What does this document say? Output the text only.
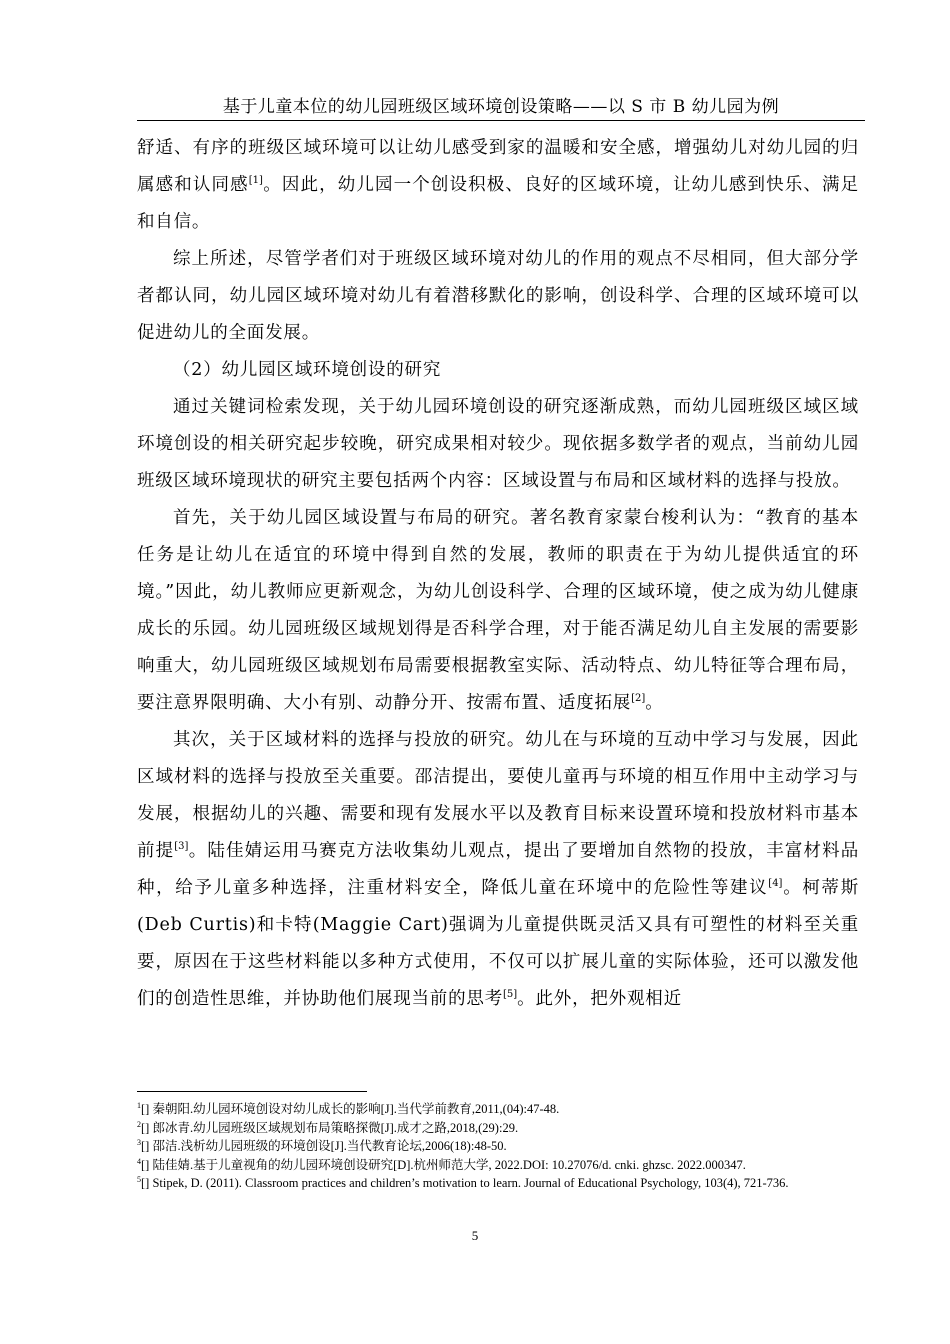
基于儿童本位的幼儿园班级区域环境创设策略——以 S 市 B 幼儿园为例

舒适、有序的班级区域环境可以让幼儿感受到家的温暖和安全感，增强幼儿对幼儿园的归属感和认同感[1]。因此，幼儿园一个创设积极、良好的区域环境，让幼儿感到快乐、满足和自信。

综上所述，尽管学者们对于班级区域环境对幼儿的作用的观点不尽相同，但大部分学者都认同，幼儿园区域环境对幼儿有着潜移默化的影响，创设科学、合理的区域环境可以促进幼儿的全面发展。

（2）幼儿园区域环境创设的研究

通过关键词检索发现，关于幼儿园环境创设的研究逐渐成熟，而幼儿园班级区域区域环境创设的相关研究起步较晚，研究成果相对较少。现依据多数学者的观点，当前幼儿园班级区域环境现状的研究主要包括两个内容：区域设置与布局和区域材料的选择与投放。

首先，关于幼儿园区域设置与布局的研究。著名教育家蒙台梭利认为：“教育的基本任务是让幼儿在适宜的环境中得到自然的发展，教师的职责在于为幼儿提供适宜的环境。”因此，幼儿教师应更新观念，为幼儿创设科学、合理的区域环境，使之成为幼儿健康成长的乐园。幼儿园班级区域规划得是否科学合理，对于能否满足幼儿自主发展的需要影响重大，幼儿园班级区域规划布局需要根据教室实际、活动特点、幼儿特征等合理布局，要注意界限明确、大小有别、动静分开、按需布置、适度拓展[2]。

其次，关于区域材料的选择与投放的研究。幼儿在与环境的互动中学习与发展，因此区域材料的选择与投放至关重要。邵洁提出，要使儿童再与环境的相互作用中主动学习与发展，根据幼儿的兴趣、需要和现有发展水平以及教育目标来设置环境和投放材料市基本前提[3]。陆佳婧运用马赛克方法收集幼儿观点，提出了要增加自然物的投放，丰富材料品种，给予儿童多种选择，注重材料安全，降低儿童在环境中的危险性等建议[4]。柯蒂斯(Deb Curtis)和卡特(Maggie Cart)强调为儿童提供既灵活又具有可塑性的材料至关重要，原因在于这些材料能以多种方式使用，不仅可以扩展儿童的实际体验，还可以激发他们的创造性思维，并协助他们展现当前的思考[5]。此外，把外观相近

$^1$[] 秦朝阳.幼儿园环境创设对幼儿成长的影响[J].当代学前教育,2011,(04):47-48.

$^2$[] 郎冰青.幼儿园班级区域规划布局策略探微[J].成才之路,2018,(29):29.

$^3$[] 邵洁.浅析幼儿园班级的环境创设[J].当代教育论坛,2006(18):48-50.

$^4$[] 陆佳婧.基于儿童视角的幼儿园环境创设研究[D].杭州师范大学, 2022.DOI: 10.27076/d. cnki. ghzsc. 2022.000347.

$^5$[] Stipek, D. (2011). Classroom practices and children’s motivation to learn. Journal of Educational Psychology, 103(4), 721-736.

5
